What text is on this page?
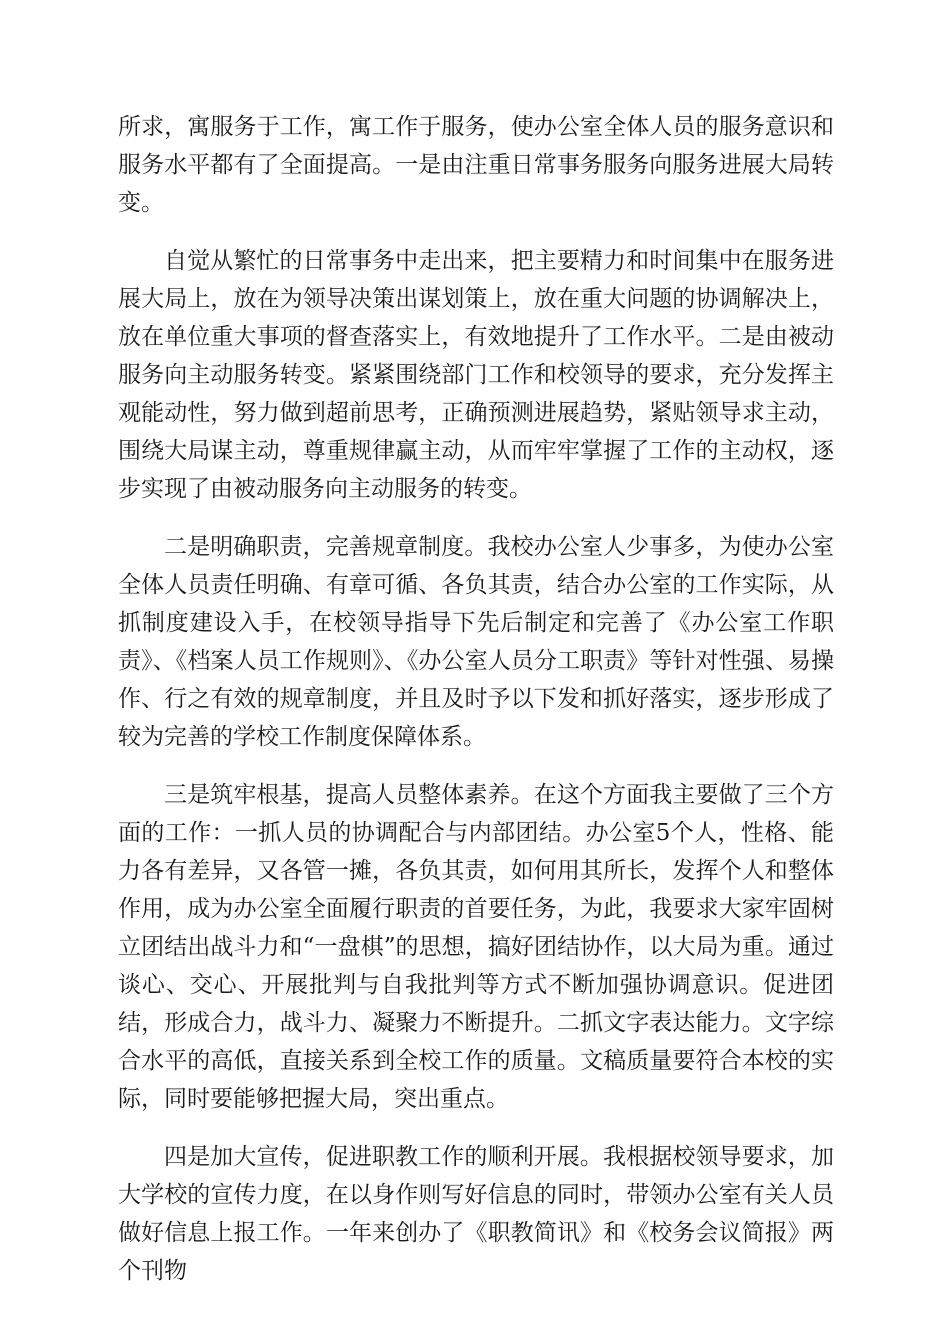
所求，寓服务于工作，寓工作于服务，使办公室全体人员的服务意识和服务水平都有了全面提高。一是由注重日常事务服务向服务进展大局转变。

自觉从繁忙的日常事务中走出来，把主要精力和时间集中在服务进展大局上，放在为领导决策出谋划策上，放在重大问题的协调解决上，放在单位重大事项的督查落实上，有效地提升了工作水平。二是由被动服务向主动服务转变。紧紧围绕部门工作和校领导的要求，充分发挥主观能动性，努力做到超前思考，正确预测进展趋势，紧贴领导求主动，围绕大局谋主动，尊重规律赢主动，从而牢牢掌握了工作的主动权，逐步实现了由被动服务向主动服务的转变。

二是明确职责，完善规章制度。我校办公室人少事多，为使办公室全体人员责任明确、有章可循、各负其责，结合办公室的工作实际，从抓制度建设入手，在校领导指导下先后制定和完善了《办公室工作职责》、《档案人员工作规则》、《办公室人员分工职责》等针对性强、易操作、行之有效的规章制度，并且及时予以下发和抓好落实，逐步形成了较为完善的学校工作制度保障体系。

三是筑牢根基，提高人员整体素养。在这个方面我主要做了三个方面的工作：一抓人员的协调配合与内部团结。办公室5个人，性格、能力各有差异，又各管一摊，各负其责，如何用其所长，发挥个人和整体作用，成为办公室全面履行职责的首要任务，为此，我要求大家牢固树立团结出战斗力和“一盘棋”的思想，搞好团结协作，以大局为重。通过谈心、交心、开展批判与自我批判等方式不断加强协调意识。促进团结，形成合力，战斗力、凝聚力不断提升。二抓文字表达能力。文字综合水平的高低，直接关系到全校工作的质量。文稿质量要符合本校的实际，同时要能够把握大局，突出重点。

四是加大宣传，促进职教工作的顺利开展。我根据校领导要求，加大学校的宣传力度，在以身作则写好信息的同时，带领办公室有关人员做好信息上报工作。一年来创办了《职教简讯》和《校务会议简报》两个刊物
